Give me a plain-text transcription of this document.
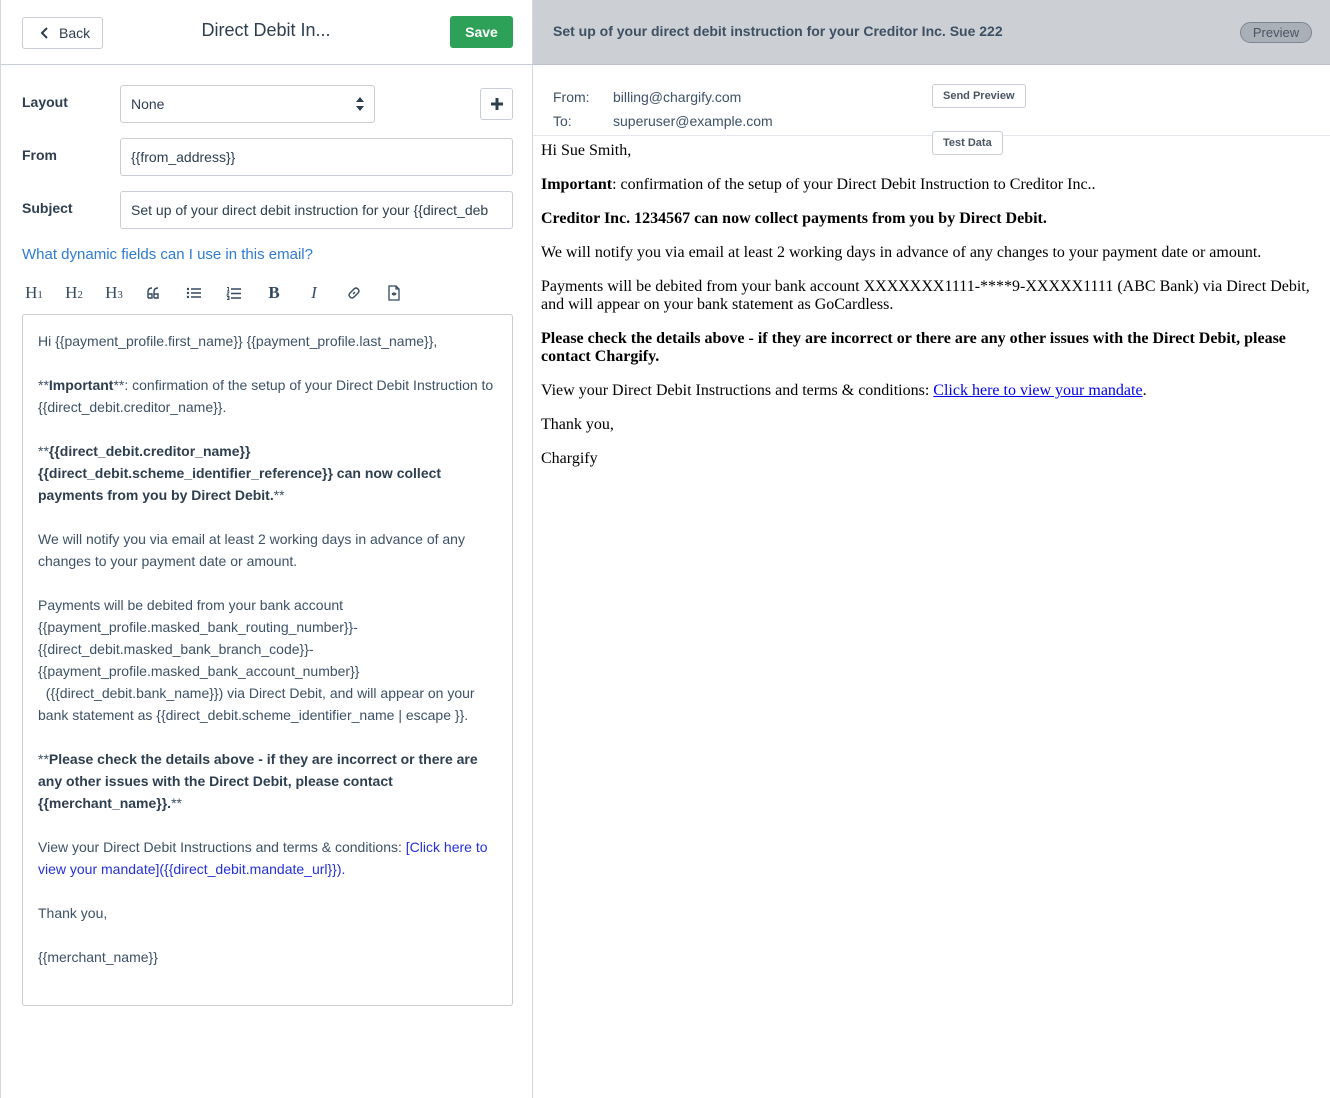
Back	Direct Debit In...	Save
Layout	None
From	{{from_address}}
Subject	Set up of your direct debit instruction for your {{direct_deb
What dynamic fields can I use in this email?
H1 H2 H3	B I

Hi {{payment_profile.first_name}} {{payment_profile.last_name}},

**Important**: confirmation of the setup of your Direct Debit Instruction to {{direct_debit.creditor_name}}.

**{{direct_debit.creditor_name}} {{direct_debit.scheme_identifier_reference}} can now collect payments from you by Direct Debit.**

We will notify you via email at least 2 working days in advance of any changes to your payment date or amount.

Payments will be debited from your bank account
{{payment_profile.masked_bank_routing_number}}-
{{direct_debit.masked_bank_branch_code}}-
{{payment_profile.masked_bank_account_number}}
({{direct_debit.bank_name}}) via Direct Debit, and will appear on your bank statement as {{direct_debit.scheme_identifier_name | escape }}.

**Please check the details above - if they are incorrect or there are any other issues with the Direct Debit, please contact {{merchant_name}}.**

View your Direct Debit Instructions and terms & conditions: [Click here to view your mandate]({{direct_debit.mandate_url}}).

Thank you,

{{merchant_name}}

Set up of your direct debit instruction for your Creditor Inc. Sue 222	Preview
From: billing@chargify.com
To:	superuser@example.com
Send Preview
Test Data

Hi Sue Smith,

Important: confirmation of the setup of your Direct Debit Instruction to Creditor Inc..

Creditor Inc. 1234567 can now collect payments from you by Direct Debit.

We will notify you via email at least 2 working days in advance of any changes to your payment date or amount.

Payments will be debited from your bank account XXXXXXX1111-****9-XXXXX1111 (ABC Bank) via Direct Debit, and will appear on your bank statement as GoCardless.

Please check the details above - if they are incorrect or there are any other issues with the Direct Debit, please contact Chargify.

View your Direct Debit Instructions and terms & conditions: Click here to view your mandate.

Thank you,

Chargify
